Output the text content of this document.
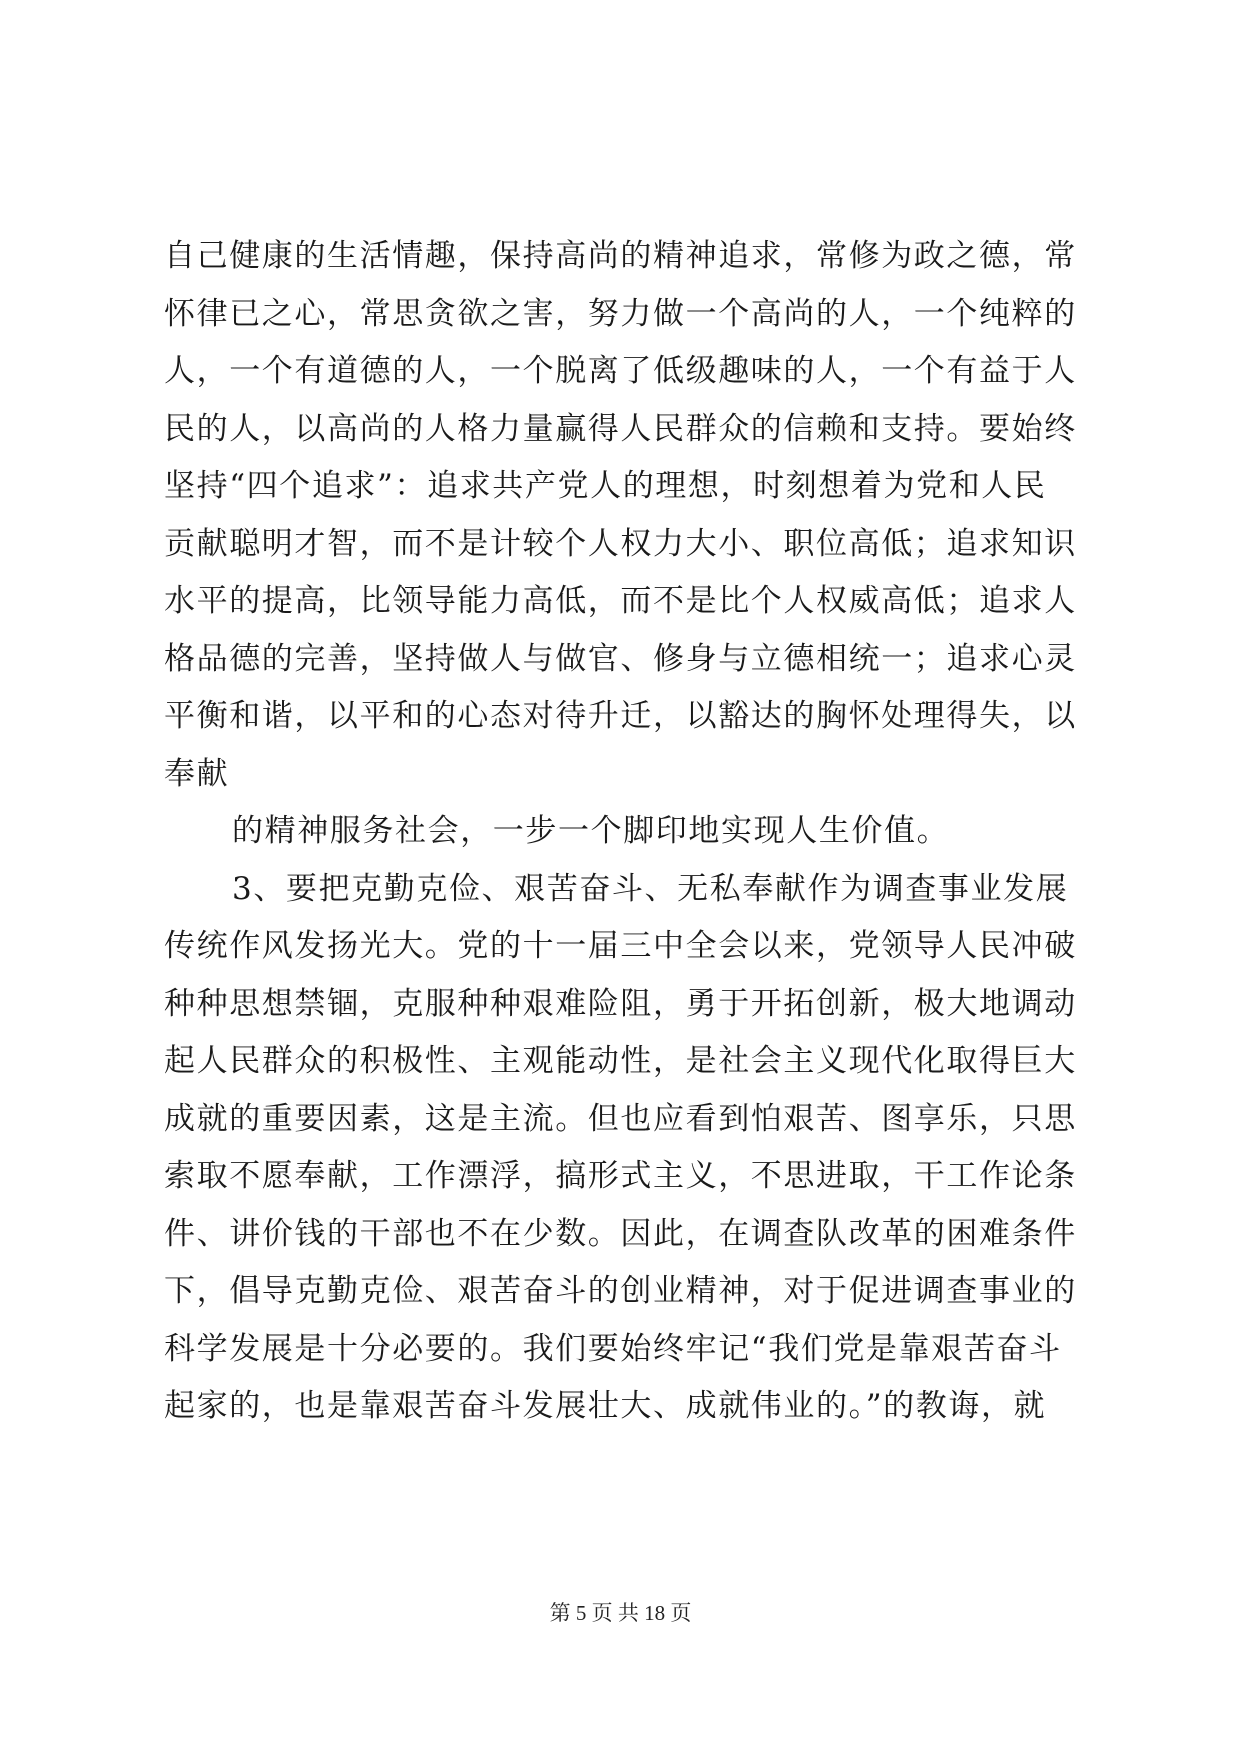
自己健康的生活情趣，保持高尚的精神追求，常修为政之德，常
怀律已之心，常思贪欲之害，努力做一个高尚的人，一个纯粹的
人，一个有道德的人，一个脱离了低级趣味的人，一个有益于人
民的人，以高尚的人格力量赢得人民群众的信赖和支持。要始终
坚持“四个追求”：追求共产党人的理想，时刻想着为党和人民
贡献聪明才智，而不是计较个人权力大小、职位高低；追求知识
水平的提高，比领导能力高低，而不是比个人权威高低；追求人
格品德的完善，坚持做人与做官、修身与立德相统一；追求心灵
平衡和谐，以平和的心态对待升迁，以豁达的胸怀处理得失，以
奉献
的精神服务社会，一步一个脚印地实现人生价值。
3、要把克勤克俭、艰苦奋斗、无私奉献作为调查事业发展
传统作风发扬光大。党的十一届三中全会以来，党领导人民冲破
种种思想禁锢，克服种种艰难险阻，勇于开拓创新，极大地调动
起人民群众的积极性、主观能动性，是社会主义现代化取得巨大
成就的重要因素，这是主流。但也应看到怕艰苦、图享乐，只思
索取不愿奉献，工作漂浮，搞形式主义，不思进取，干工作论条
件、讲价钱的干部也不在少数。因此，在调查队改革的困难条件
下，倡导克勤克俭、艰苦奋斗的创业精神，对于促进调查事业的
科学发展是十分必要的。我们要始终牢记“我们党是靠艰苦奋斗
起家的，也是靠艰苦奋斗发展壮大、成就伟业的。”的教诲，就
第 5 页 共 18 页
